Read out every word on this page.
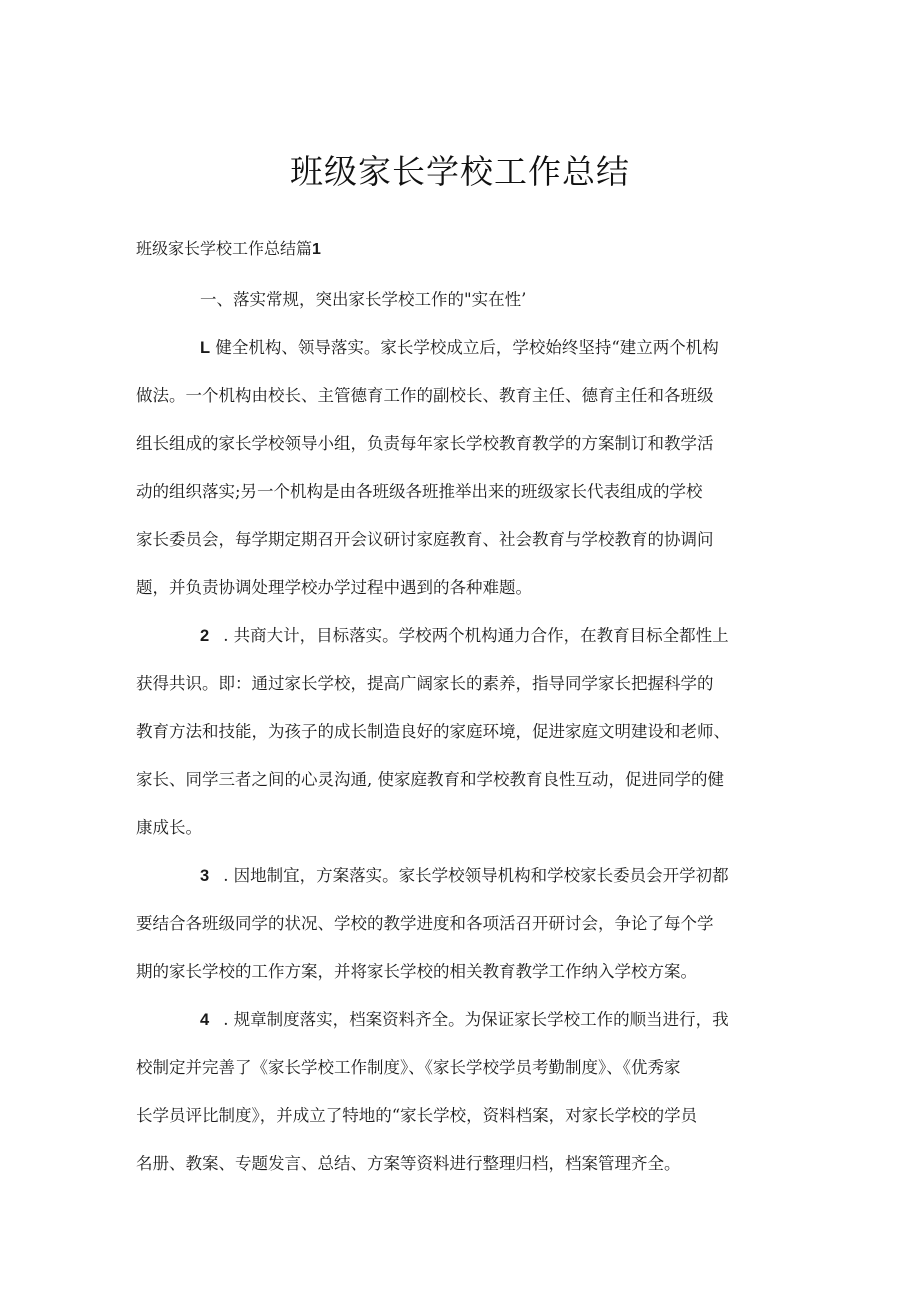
班级家长学校工作总结
班级家长学校工作总结篇1
一、落实常规，突出家长学校工作的"实在性’
L 健全机构、领导落实。家长学校成立后，学校始终坚持“建立两个机构
做法。一个机构由校长、主管德育工作的副校长、教育主任、德育主任和各班级
组长组成的家长学校领导小组，负责每年家长学校教育教学的方案制订和教学活
动的组织落实;另一个机构是由各班级各班推举出来的班级家长代表组成的学校
家长委员会，每学期定期召开会议研讨家庭教育、社会教育与学校教育的协调问
题，并负责协调处理学校办学过程中遇到的各种难题。
2 . 共商大计，目标落实。学校两个机构通力合作，在教育目标全都性上
获得共识。即：通过家长学校，提高广阔家长的素养，指导同学家长把握科学的
教育方法和技能，为孩子的成长制造良好的家庭环境，促进家庭文明建设和老师、
家长、同学三者之间的心灵沟通, 使家庭教育和学校教育良性互动，促进同学的健
康成长。
3 . 因地制宜，方案落实。家长学校领导机构和学校家长委员会开学初都
要结合各班级同学的状况、学校的教学进度和各项活召开研讨会，争论了每个学
期的家长学校的工作方案，并将家长学校的相关教育教学工作纳入学校方案。
4 . 规章制度落实，档案资料齐全。为保证家长学校工作的顺当进行，我
校制定并完善了《家长学校工作制度》、《家长学校学员考勤制度》、《优秀家
长学员评比制度》，并成立了特地的“家长学校，资料档案，对家长学校的学员
名册、教案、专题发言、总结、方案等资料进行整理归档，档案管理齐全。
